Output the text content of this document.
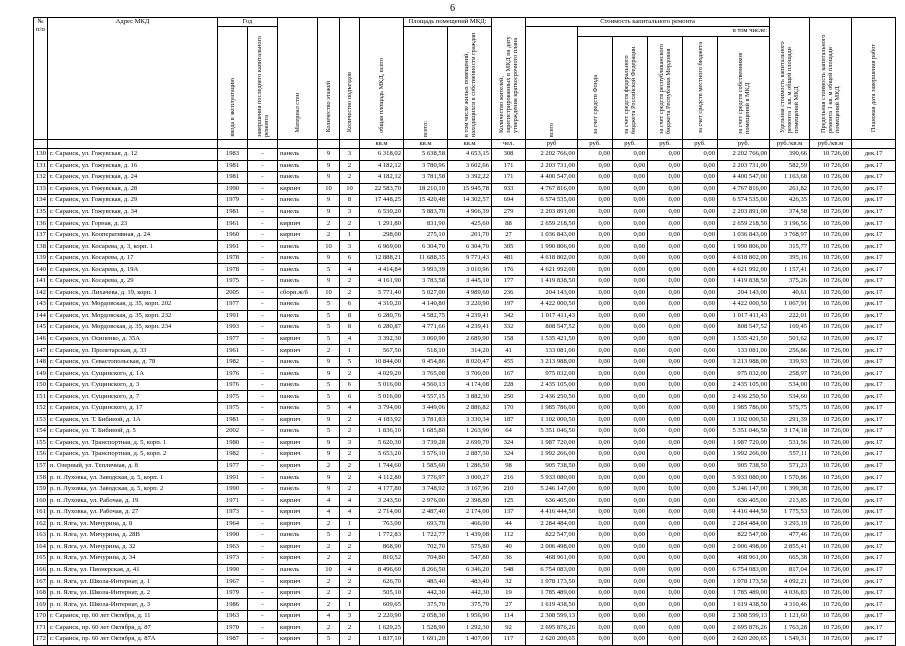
6
№
п/п	Адрес МКД	Год		Материал стен	Количество этажей	Количество подъездов	общая площадь МКД, всего	Площадь помещений МКД:		Количество жителей, зарегистрированных в МКД на дату утверждения краткосрочного плана	Стоимость капитального ремонта						Удельная стоимость капитального ремонта 1 кв. м общей площади помещений МКД	Предельная стоимость капитального ремонта 1 кв. м общей площади помещений МКД	Плановая дата завершения работ

		ввода в эксплуатацию	завершения последнего капитального ремонта					всего:	в том числе жилых помещений, находящихся в собственности граждан		всего	в том числе:							

												за счет средств Фонда	за счет средств федерального бюджета Российской Федерации	за счет средств республиканского бюджета Республики Мордовия	за счет средств местного бюджета	за счет средств собственников помещений в МКД			

							кв.м	кв.м	кв.м	чел.	руб	руб.	руб.	руб.	руб.	руб.	руб./кв.м	руб./кв.м	
130	г. Саранск, ул. Гожувская, д. 12	1983	-	панель	9	3	6 318,02	5 638,58	4 653,15	308	2 202 766,00	0,00	0,00	0,00	0,00	2 202 766,00	390,66	10 726,00	дек.17
131	г. Саранск, ул. Гожувская, д. 16	1981	-	панель	9	2	4 182,12	3 780,96	3 602,66	171	2 203 731,00	0,00	0,00	0,00	0,00	2 203 731,00	582,59	10 726,00	дек.17
132	г. Саранск, ул. Гожувская, д. 24	1981	-	панель	9	2	4 182,12	3 781,58	3 392,22	171	4 400 547,00	0,00	0,00	0,00	0,00	4 400 547,00	1 163,68	10 726,00	дек.17
133	г. Саранск, ул. Гожувская, д. 28	1990	-	кирпич	10	10	22 583,70	18 210,10	15 945,78	933	4 767 816,00	0,00	0,00	0,00	0,00	4 767 816,00	261,82	10 726,00	дек.17
134	г. Саранск, ул. Гожувская, д. 29	1979	-	панель	9	8	17 448,25	15 420,48	14 302,57	694	6 574 535,00	0,00	0,00	0,00	0,00	6 574 535,00	426,35	10 726,00	дек.17
135	г. Саранск, ул. Гожувская, д. 34	1981	-	панель	9	3	6 530,20	5 883,70	4 966,39	279	2 203 891,00	0,00	0,00	0,00	0,00	2 203 891,00	374,58	10 726,00	дек.17
136	г. Саранск, ул. Горная, д. 23	1961	-	кирпич	2	2	1 291,80	831,90	425,60	88	2 659 218,50	0,00	0,00	0,00	0,00	2 659 218,50	3 196,56	10 726,00	дек.17
137	г. Саранск, ул. Кооперативная, д. 24	1960	-	кирпич	2	1	298,00	275,10	201,70	27	1 036 843,00	0,00	0,00	0,00	0,00	1 036 843,00	3 768,97	10 726,00	дек.17
138	г. Саранск, ул. Косарева, д. 3, корп. 1	1991	-	панель	10	3	6 969,00	6 304,70	6 304,70	305	1 990 806,00	0,00	0,00	0,00	0,00	1 990 806,00	315,77	10 726,00	дек.17
139	г. Саранск, ул. Косарева, д. 17	1978	-	панель	9	6	12 888,21	11 688,35	9 771,43	481	4 618 802,00	0,00	0,00	0,00	0,00	4 618 802,00	395,16	10 726,00	дек.17
140	г. Саранск, ул. Косарева, д. 19А	1978	-	панель	5	4	4 414,84	3 993,39	3 010,96	176	4 621 992,00	0,00	0,00	0,00	0,00	4 621 992,00	1 157,41	10 726,00	дек.17
141	г. Саранск, ул. Косарева, д. 29	1975	-	панель	9	2	4 161,90	3 783,58	3 445,10	177	1 419 838,50	0,00	0,00	0,00	0,00	1 419 838,50	375,26	10 726,00	дек.17
142	г. Саранск, ул. Лихачева, д. 19, корп. 1	2005	-	сборн.ж/б	10	2	5 771,40	5 027,00	4 989,60	236	204 143,00	0,00	0,00	0,00	0,00	204 143,00	40,61	10 726,00	дек.17
143	г. Саранск, ул. Мордовская, д. 35, корп. 202	1977	-	панель	5	6	4 310,20	4 140,80	3 220,90	197	4 422 000,50	0,00	0,00	0,00	0,00	4 422 000,50	1 067,91	10 726,00	дек.17
144	г. Саранск, ул. Мордовская, д. 35, корп. 232	1991	-	панель	5	8	6 280,76	4 582,75	4 239,41	342	1 017 411,43	0,00	0,00	0,00	0,00	1 017 411,43	222,01	10 726,00	дек.17
145	г. Саранск, ул. Мордовская, д. 35, корп. 234	1993	-	панель	5	8	6 280,87	4 771,66	4 239,41	332	808 547,52	0,00	0,00	0,00	0,00	808 547,52	169,45	10 726,00	дек.17
146	г. Саранск, ул. Осипенко, д. 35А	1977	-	кирпич	5	4	3 392,30	3 060,90	2 689,90	158	1 535 421,50	0,00	0,00	0,00	0,00	1 535 421,50	501,62	10 726,00	дек.17
147	г. Саранск, ул. Пролетарская, д. 33	1961	-	кирпич	2	1	567,50	518,10	314,20	41	133 081,00	0,00	0,00	0,00	0,00	133 081,00	256,86	10 726,00	дек.17
148	г. Саранск, ул. Севастопольская, д. 78	1982	-	панель	9	5	10 844,00	9 454,86	8 020,47	455	3 213 988,00	0,00	0,00	0,00	0,00	3 213 988,00	339,93	10 726,00	дек.17
149	г. Саранск, ул. Сущинского, д. 1А	1976	-	панель	9	2	4 029,20	3 765,08	3 700,00	167	975 032,00	0,00	0,00	0,00	0,00	975 032,00	258,97	10 726,00	дек.17
150	г. Саранск, ул. Сущинского, д. 3	1976	-	панель	5	6	5 016,00	4 560,13	4 174,08	228	2 435 105,00	0,00	0,00	0,00	0,00	2 435 105,00	534,00	10 726,00	дек.17
151	г. Саранск, ул. Сущинского, д. 7	1975	-	панель	5	6	5 016,00	4 557,15	3 882,30	250	2 436 250,50	0,00	0,00	0,00	0,00	2 436 250,50	534,60	10 726,00	дек.17
152	г. Саранск, ул. Сущинского, д. 17	1975	-	панель	5	4	3 794,00	3 449,06	2 886,82	170	1 985 786,00	0,00	0,00	0,00	0,00	1 985 786,00	575,75	10 726,00	дек.17
153	г. Саранск, ул. Т. Бибиной, д. 1А	1981	-	кирпич	9	2	4 183,92	3 781,83	3 330,34	187	1 102 000,50	0,00	0,00	0,00	0,00	1 102 000,50	291,39	10 726,00	дек.17
154	г. Саранск, ул. Т. Бибиной, д. 5	2002	-	панель	5	2	1 836,10	1 685,80	1 263,90	64	5 351 046,50	0,00	0,00	0,00	0,00	5 351 046,50	3 174,18	10 726,00	дек.17
155	г. Саранск, ул. Транспортная, д. 5, корп. 1	1980	-	кирпич	9	3	5 620,30	3 739,28	2 699,70	324	1 987 720,00	0,00	0,00	0,00	0,00	1 987 720,00	531,56	10 726,00	дек.17
156	г. Саранск, ул. Транспортная, д. 5, корп. 2	1982	-	кирпич	9	2	5 653,20	3 576,10	2 887,30	324	1 992 266,00	0,00	0,00	0,00	0,00	1 992 266,00	557,11	10 726,00	дек.17
157	п. Озерный, ул. Тепличная, д. 8	1977	-	кирпич	2	2	1 744,60	1 585,60	1 286,50	98	905 738,50	0,00	0,00	0,00	0,00	905 738,50	571,23	10 726,00	дек.17
158	р. п. Луховка, ул. Заводская, д. 5, корп. 1	1991	-	панель	9	2	4 112,80	3 776,97	3 000,27	216	5 933 080,00	0,00	0,00	0,00	0,00	5 933 080,00	1 570,86	10 726,00	дек.17
159	р. п. Луховка, ул. Заводская, д. 5, корп. 2	1990	-	панель	9	2	4 177,80	3 748,92	3 167,96	210	5 246 147,00	0,00	0,00	0,00	0,00	5 246 147,00	1 399,38	10 726,00	дек.17
160	р. п. Луховка, ул. Рабочая, д. 19	1971	-	кирпич	4	4	3 243,50	2 976,00	2 398,80	125	636 405,00	0,00	0,00	0,00	0,00	636 405,00	213,85	10 726,00	дек.17
161	р. п. Луховка, ул. Рабочая, д. 27	1973	-	кирпич	4	4	2 714,00	2 487,40	2 174,00	137	4 416 444,50	0,00	0,00	0,00	0,00	4 416 444,50	1 775,53	10 726,00	дек.17
162	р. п. Ялга, ул. Мичурина, д. 8	1964	-	кирпич	2	1	763,00	693,70	466,00	44	2 284 484,00	0,00	0,00	0,00	0,00	2 284 484,00	3 293,19	10 726,00	дек.17
163	р. п. Ялга, ул. Мичурина, д. 28В	1990	-	панель	5	2	1 772,83	1 722,77	1 439,08	112	822 547,00	0,00	0,00	0,00	0,00	822 547,00	477,46	10 726,00	дек.17
164	р. п. Ялга, ул. Мичурина, д. 32	1963	-	кирпич	2	2	868,90	702,70	575,80	40	2 006 498,00	0,00	0,00	0,00	0,00	2 006 498,00	2 855,41	10 726,00	дек.17
165	р. п. Ялга, ул. Мичурина, д. 34	1973	-	кирпич	2	2	810,52	704,80	547,80	36	468 961,00	0,00	0,00	0,00	0,00	468 961,00	665,38	10 726,00	дек.17
166	р. п. Ялга, ул. Пионерская, д. 41	1990	-	панель	10	4	8 496,60	8 266,50	6 346,20	548	6 754 083,00	0,00	0,00	0,00	0,00	6 754 083,00	817,04	10 726,00	дек.17
167	р. п. Ялга, ул. Школа-Интернат, д. 1	1967	-	кирпич	2	2	626,70	483,40	483,40	32	1 978 173,50	0,00	0,00	0,00	0,00	1 978 173,50	4 092,21	10 726,00	дек.17
168	р. п. Ялга, ул. Школа-Интернат, д. 2	1979	-	кирпич	2	2	505,10	442,30	442,30	19	1 785 489,00	0,00	0,00	0,00	0,00	1 785 489,00	4 036,83	10 726,00	дек.17
169	р. п. Ялга, ул. Школа-Интернат, д. 3	1986	-	кирпич	2	1	609,65	375,70	375,70	27	1 619 438,50	0,00	0,00	0,00	0,00	1 619 438,50	4 310,46	10 726,00	дек.17
170	г. Саранск, пр. 60 лет Октября, д. 11	1963	-	кирпич	4	3	2 220,90	2 058,30	1 956,90	114	2 308 599,13	0,00	0,00	0,00	0,00	2 308 599,13	1 121,60	10 726,00	дек.17
171	г. Саранск, пр. 60 лет Октября, д. 87	1970	-	кирпич	2	2	1 629,25	1 528,90	1 292,30	92	2 695 876,26	0,00	0,00	0,00	0,00	2 695 876,26	1 763,28	10 726,00	дек.17
172	г. Саранск, пр. 60 лет Октября, д. 87А	1987	-	кирпич	5	2	1 837,10	1 691,20	1 407,00	117	2 620 200,65	0,00	0,00	0,00	0,00	2 620 200,65	1 549,31	10 726,00	дек.17
